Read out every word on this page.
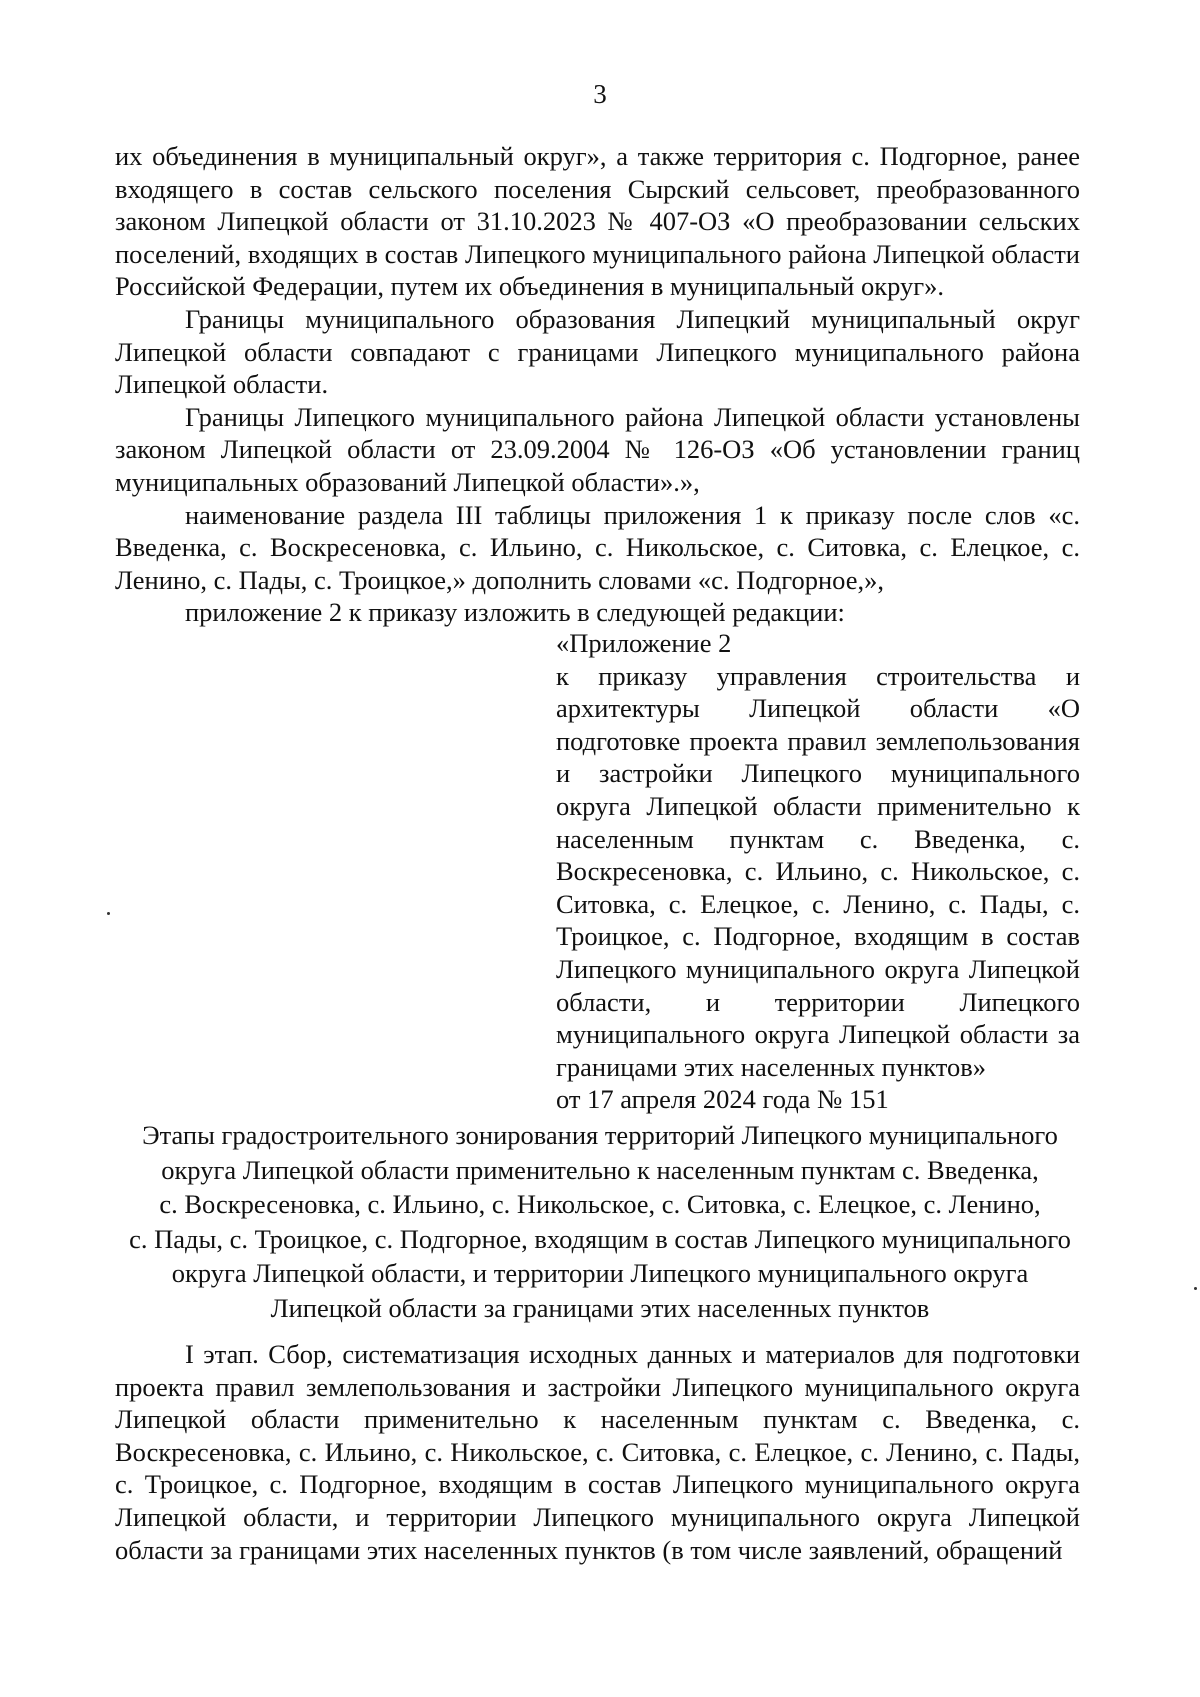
3

их объединения в муниципальный округ», а также территория с. Подгорное, ранее входящего в состав сельского поселения Сырский сельсовет, преобразованного законом Липецкой области от 31.10.2023 № 407-ОЗ «О преобразовании сельских поселений, входящих в состав Липецкого муниципального района Липецкой области Российской Федерации, путем их объединения в муниципальный округ».

Границы муниципального образования Липецкий муниципальный округ Липецкой области совпадают с границами Липецкого муниципального района Липецкой области.

Границы Липецкого муниципального района Липецкой области установлены законом Липецкой области от 23.09.2004 № 126-ОЗ «Об установлении границ муниципальных образований Липецкой области».»,

наименование раздела III таблицы приложения 1 к приказу после слов «с. Введенка, с. Воскресеновка, с. Ильино, с. Никольское, с. Ситовка, с. Елецкое, с. Ленино, с. Пады, с. Троицкое,» дополнить словами «с. Подгорное,»,

приложение 2 к приказу изложить в следующей редакции:

«Приложение 2

к приказу управления строительства и архитектуры Липецкой области «О подготовке проекта правил землепользования и застройки Липецкого муниципального округа Липецкой области применительно к населенным пунктам с. Введенка, с. Воскресеновка, с. Ильино, с. Никольское, с. Ситовка, с. Елецкое, с. Ленино, с. Пады, с. Троицкое, с. Подгорное, входящим в состав Липецкого муниципального округа Липецкой области, и территории Липецкого муниципального округа Липецкой области за границами этих населенных пунктов»

от 17 апреля 2024 года № 151

Этапы градостроительного зонирования территорий Липецкого муниципального
округа Липецкой области применительно к населенным пунктам с. Введенка,
с. Воскресеновка, с. Ильино, с. Никольское, с. Ситовка, с. Елецкое, с. Ленино,
с. Пады, с. Троицкое, с. Подгорное, входящим в состав Липецкого муниципального
округа Липецкой области, и территории Липецкого муниципального округа
Липецкой области за границами этих населенных пунктов

I этап. Сбор, систематизация исходных данных и материалов для подготовки проекта правил землепользования и застройки Липецкого муниципального округа Липецкой области применительно к населенным пунктам с. Введенка, с. Воскресеновка, с. Ильино, с. Никольское, с. Ситовка, с. Елецкое, с. Ленино, с. Пады, с. Троицкое, с. Подгорное, входящим в состав Липецкого муниципального округа Липецкой области, и территории Липецкого муниципального округа Липецкой области за границами этих населенных пунктов (в том числе заявлений, обращений
